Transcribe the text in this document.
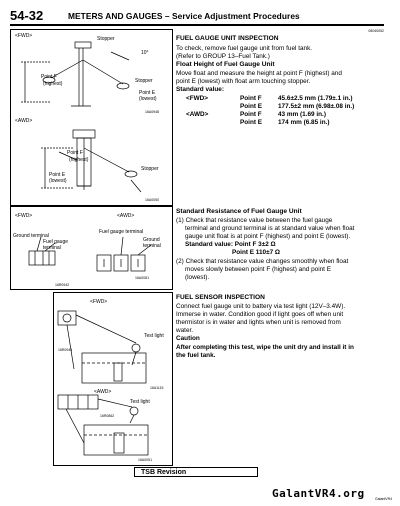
54-32	METERS AND GAUGES – Service Adjustment Procedures
<FWD>	Stopper
10°
Point F
(highest)	Stopper
Point E
(lowest)
16A0948
<AWD>
Point F
(highest)
Stopper
Point E
(lowest)
16A0050
<FWD>	<AWD>
Ground terminal
Fuel gauge
terminal
Fuel gauge terminal
Ground
terminal
16A0081
16R0942
<FWD>
Test light
16R0943
16A1115
<AWD>
Test light
16R0862
16A0051
FUEL GAUGE UNIT INSPECTION
08040052
To check, remove fuel gauge unit from fuel tank.
(Refer to GROUP 13–Fuel Tank.)
Float Height of Fuel Gauge Unit
Move float and measure the height at point F (highest) and
point E (lowest) with float arm touching stopper.
Standard value:
<FWD>	Point F	45.6±2.5 mm (1.79±.1 in.)
	Point E	177.5±2 mm (6.98±.08 in.)
<AWD>	Point F	43 mm (1.69 in.)
	Point E	174 mm (6.85 in.)
Standard Resistance of Fuel Gauge Unit
(1) Check that resistance value between the fuel gauge
terminal and ground terminal is at standard value when float
gauge unit float is at point F (highest) and point E (lowest).
Standard value: Point F 3±2 Ω
Point E 110±7 Ω
(2) Check that resistance value changes smoothly when float
moves slowly between point F (highest) and point E
(lowest).
FUEL SENSOR INSPECTION
Connect fuel gauge unit to battery via test light (12V–3.4W).
Immerse in water. Condition good if light goes off when unit
thermistor is in water and lights when unit is removed from
water.
Caution
After completing this test, wipe the unit dry and install it in
the fuel tank.
TSB Revision
GalantVR4.org	GalantVR4
